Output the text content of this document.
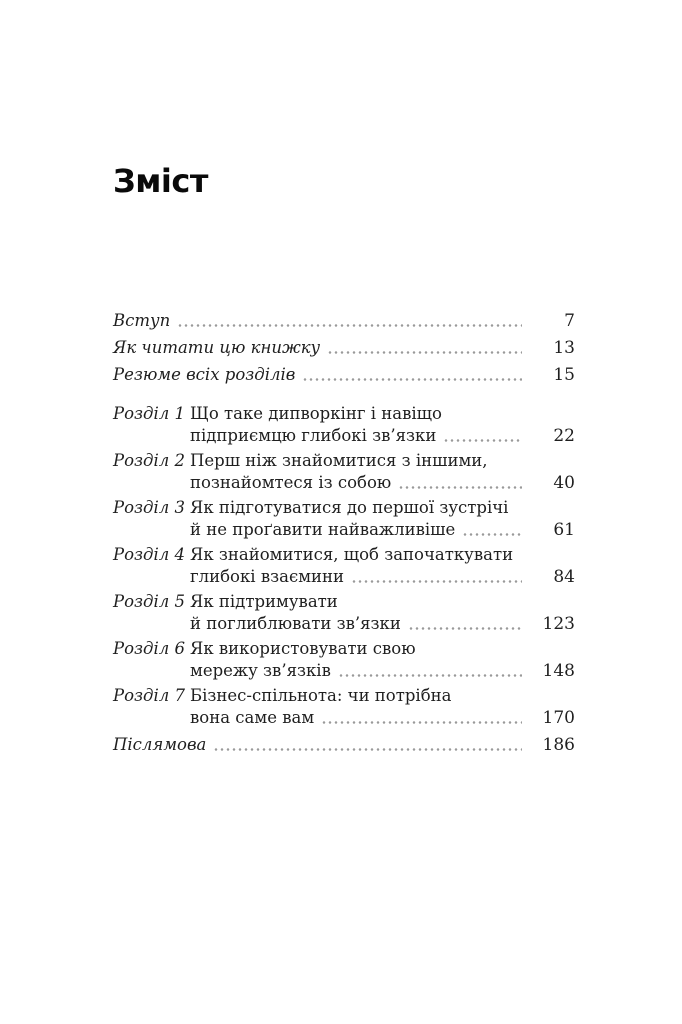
Зміст
Вступ	7
Як читати цю книжку	13
Резюме всіх розділів	15
Розділ 1 Що таке дипворкінг і навіщо
підприємцю глибокі зв’язки	22
Розділ 2 Перш ніж знайомитися з іншими,
познайомтеся із собою	40
Розділ 3 Як підготуватися до першої зустрічі
й не проґавити найважливіше	61
Розділ 4 Як знайомитися, щоб започаткувати
глибокі взаємини	84
Розділ 5 Як підтримувати
й поглиблювати зв’язки	123
Розділ 6 Як використовувати свою
мережу зв’язків	148
Розділ 7 Бізнес-спільнота: чи потрібна
вона саме вам	170
Післямова	186
